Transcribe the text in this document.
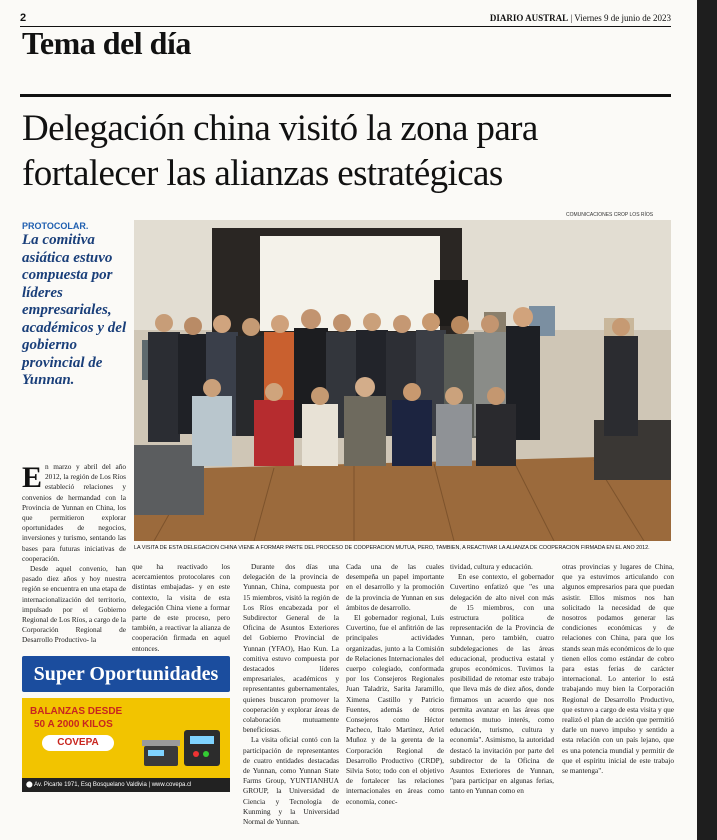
2	DIARIO AUSTRAL | Viernes 9 de junio de 2023
Tema del día
Delegación china visitó la zona para
fortalecer las alianzas estratégicas
COMUNICACIONES CROP LOS RÍOS
PROTOCOLAR.
La comitiva asiática estuvo compuesta por líderes empresariales, académicos y del gobierno provincial de Yunnan.
LA VISITA DE ESTA DELEGACIÓN CHINA VIENE A FORMAR PARTE DEL PROCESO DE COOPERACIÓN MUTUA, PERO, TAMBIÉN, A REACTIVAR LA ALIANZA DE COOPERACIÓN FIRMADA EN EL AÑO 2012.
E n marzo y abril del año 2012, la región de Los Ríos estableció relaciones y convenios de hermandad con la Provincia de Yunnan en China, los que permitieron explorar oportunidades de negocios, inversiones y turismo, sentando las bases para futuras iniciativas de cooperación.

Desde aquel convenio, han pasado diez años y hoy nuestra región se encuentra en una etapa de internacionalización del territorio, impulsado por el Gobierno Regional de Los Ríos, a cargo de la Corporación Regional de Desarrollo Productivo- la

que ha reactivado los acercamientos protocolares con distintas embajadas- y en este contexto, la visita de esta delegación China viene a formar parte de este proceso, pero también, a reactivar la alianza de cooperación firmada en aquel entonces.

Durante dos días una delegación de la provincia de Yunnan, China, compuesta por 15 miembros, visitó la región de Los Ríos encabezada por el Subdirector General de la Oficina de Asuntos Exteriores del Gobierno Provincial de Yunnan (YFAO), Hao Kun. La comitiva estuvo compuesta por destacados líderes empresariales, académicos y representantes gubernamentales, quienes buscaron promover la cooperación y explorar áreas de colaboración mutuamente beneficiosas.

La visita oficial contó con la participación de representantes de cuatro entidades destacadas de Yunnan, como Yunnan State Farms Group, YUNTIANHUA GROUP, la Universidad de Ciencia y Tecnología de Kunming y la Universidad Normal de Yunnan.

Cada una de las cuales desempeña un papel importante en el desarrollo y la promoción de la provincia de Yunnan en sus ámbitos de desarrollo.

El gobernador regional, Luis Cuvertino, fue el anfitrión de las principales actividades organizadas, junto a la Comisión de Relaciones Internacionales del cuerpo colegiado, conformada por los Consejeros Regionales Juan Taladriz, Sarita Jaramillo, Ximena Castillo y Patricio Fuentes, además de otros Consejeros como Héctor Pacheco, Italo Martínez, Ariel Muñoz y de la gerenta de la Corporación Regional de Desarrollo Productivo (CRDP), Silvia Soto; todo con el objetivo de fortalecer las relaciones internacionales en áreas como economía, conec-

tividad, cultura y educación.

En ese contexto, el gobernador Cuvertino enfatizó que "es una delegación de alto nivel con más de 15 miembros, con una estructura política de representación de la Provincia de Yunnan, pero también, cuatro subdelegaciones de las áreas educacional, productiva estatal y grupos económicos. Tuvimos la posibilidad de retomar este trabajo que lleva más de diez años, donde firmamos un acuerdo que nos permita avanzar en las áreas que tenemos mutuo interés, como educación, turismo, cultura y economía". Asimismo, la autoridad destacó la invitación por parte del subdirector de la Oficina de Asuntos Exteriores de Yunnan, "para participar en algunas ferias, tanto en Yunnan como en

otras provincias y lugares de China, que ya estuvimos articulando con algunos empresarios para que puedan asistir. Ellos mismos nos han solicitado la necesidad de que nosotros podamos generar las condiciones económicas y de relaciones con China, para que los stands sean más económicos de lo que tienen ellos como estándar de cobro para estas ferias de carácter internacional. Lo anterior lo está trabajando muy bien la Corporación Regional de Desarrollo Productivo, que estuvo a cargo de esta visita y que realizó el plan de acción que permitió darle un nuevo impulso y sentido a esta relación con un país lejano, que es una potencia mundial y permitir de que el espíritu inicial de este trabajo se mantenga".

Super Oportunidades
BALANZAS DESDE
50 A 2000 KILOS
COVEPA
⬤ Av. Picarte 1971, Esq Bosquelano Valdivia | www.covepa.cl
